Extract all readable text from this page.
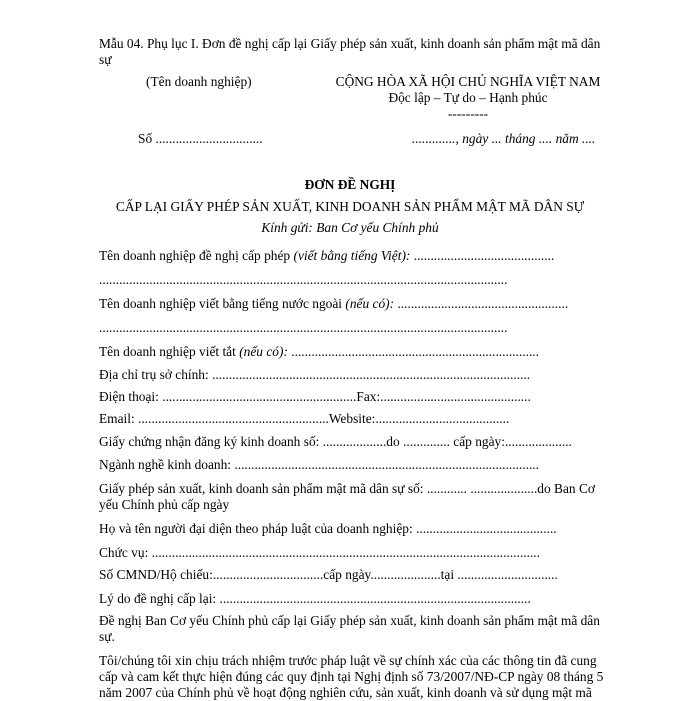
Mẫu 04. Phụ lục I. Đơn đề nghị cấp lại Giấy phép sản xuất, kinh doanh sản phẩm mật mã dân
sự
(Tên doanh nghiệp)	CỘNG HÒA XÃ HỘI CHỦ NGHĨA VIỆT NAM
Độc lập – Tự do – Hạnh phúc
---------
Số ................................	............., ngày ... tháng .... năm ....
ĐƠN ĐỀ NGHỊ
CẤP LẠI GIẤY PHÉP SẢN XUẤT, KINH DOANH SẢN PHẨM MẬT MÃ DÂN SỰ
Kính gửi: Ban Cơ yếu Chính phủ
Tên doanh nghiệp đề nghị cấp phép (viết bằng tiếng Việt): ..........................................
..........................................................................................................................
Tên doanh nghiệp viết bằng tiếng nước ngoài (nếu có): ...................................................
..........................................................................................................................
Tên doanh nghiệp viết tắt (nếu có): ..........................................................................
Địa chỉ trụ sở chính: ...............................................................................................
Điện thoại: ..........................................................Fax:.............................................
Email: .........................................................Website:........................................
Giấy chứng nhận đăng ký kinh doanh số: ...................do .............. cấp ngày:....................
Ngành nghề kinh doanh: ...........................................................................................
Giấy phép sản xuất, kinh doanh sản phẩm mật mã dân sự số: ............ ....................do Ban Cơ
yếu Chính phủ cấp ngày
Họ và tên người đại diện theo pháp luật của doanh nghiệp: ..........................................
Chức vụ: ....................................................................................................................
Số CMND/Hộ chiếu:.................................cấp ngày.....................tại ..............................
Lý do đề nghị cấp lại: .............................................................................................
Đề nghị Ban Cơ yếu Chính phủ cấp lại Giấy phép sản xuất, kinh doanh sản phẩm mật mã dân
sự.
Tôi/chúng tôi xin chịu trách nhiệm trước pháp luật về sự chính xác của các thông tin đã cung
cấp và cam kết thực hiện đúng các quy định tại Nghị định số 73/2007/NĐ-CP ngày 08 tháng 5
năm 2007 của Chính phủ về hoạt động nghiên cứu, sản xuất, kinh doanh và sử dụng mật mã
